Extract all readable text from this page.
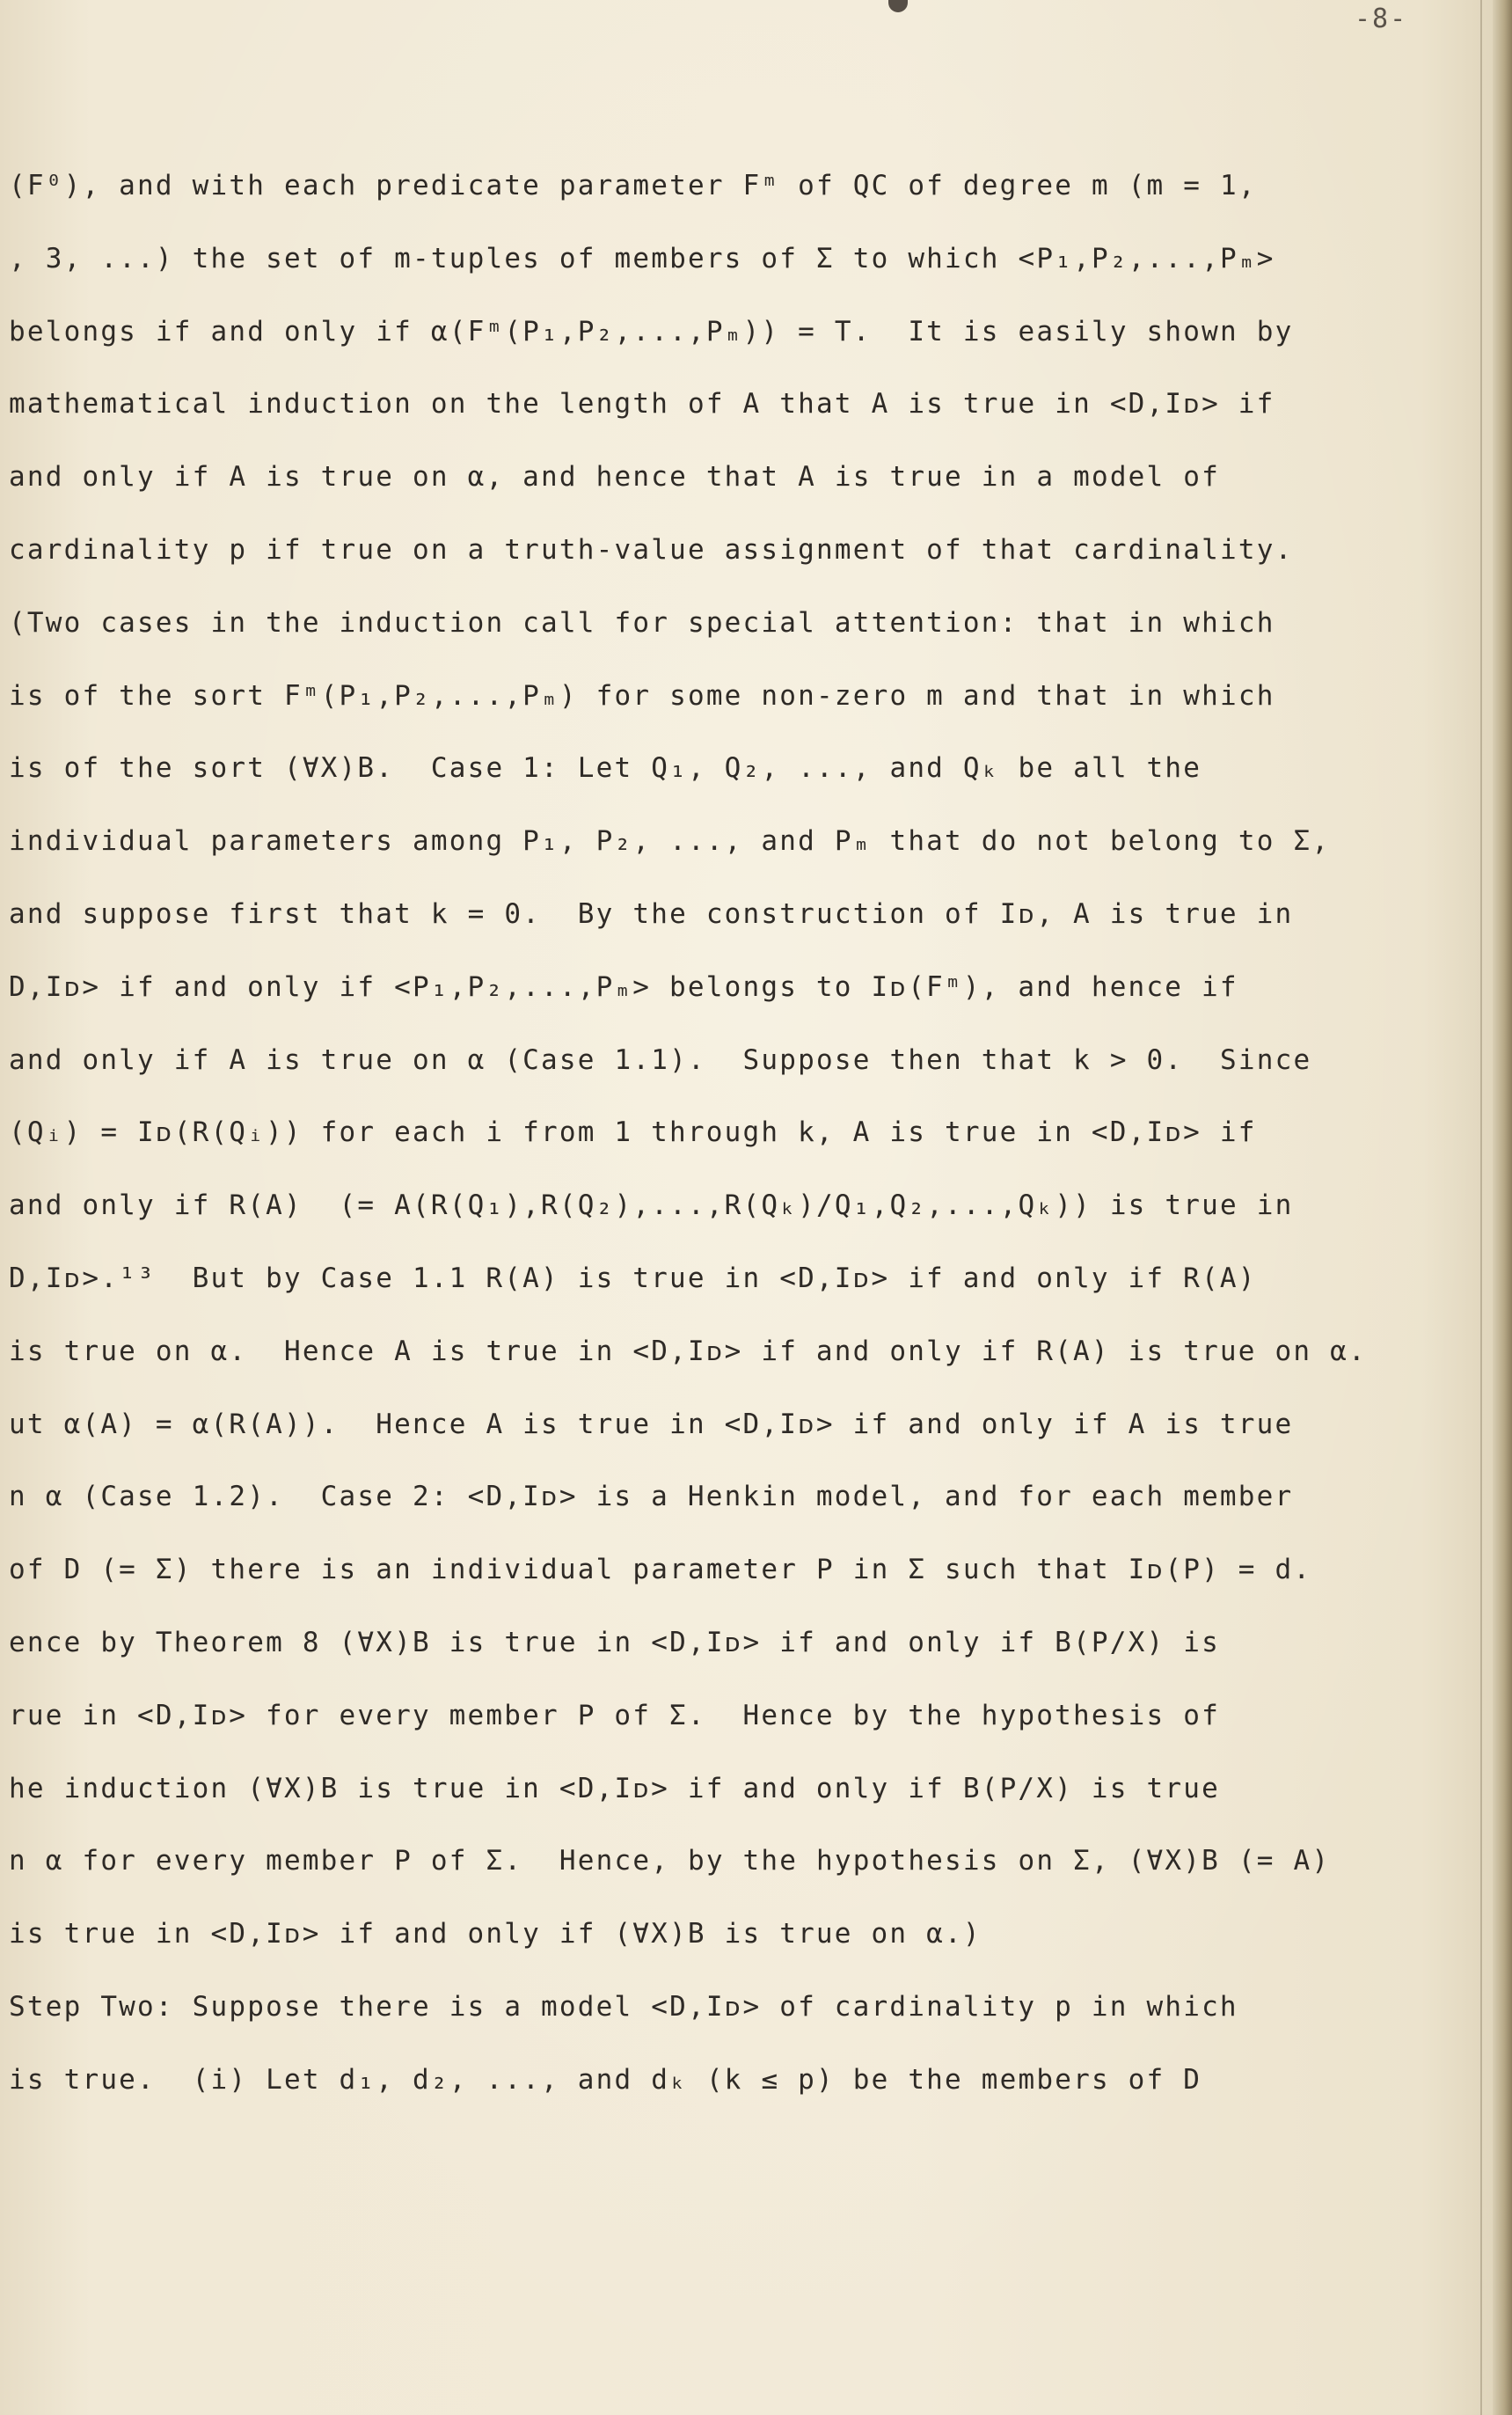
-8-
(F⁰), and with each predicate parameter Fᵐ of QC of degree m (m = 1,
, 3, ...) the set of m-tuples of members of Σ to which <P₁,P₂,...,Pₘ>
belongs if and only if α(Fᵐ(P₁,P₂,...,Pₘ)) = T.  It is easily shown by
mathematical induction on the length of A that A is true in <D,Iᴅ> if
and only if A is true on α, and hence that A is true in a model of
cardinality p if true on a truth-value assignment of that cardinality.
(Two cases in the induction call for special attention: that in which
is of the sort Fᵐ(P₁,P₂,...,Pₘ) for some non-zero m and that in which
is of the sort (∀X)B.  Case 1: Let Q₁, Q₂, ..., and Qₖ be all the
individual parameters among P₁, P₂, ..., and Pₘ that do not belong to Σ,
and suppose first that k = 0.  By the construction of Iᴅ, A is true in
D,Iᴅ> if and only if <P₁,P₂,...,Pₘ> belongs to Iᴅ(Fᵐ), and hence if
and only if A is true on α (Case 1.1).  Suppose then that k > 0.  Since
(Qᵢ) = Iᴅ(R(Qᵢ)) for each i from 1 through k, A is true in <D,Iᴅ> if
and only if R(A)  (= A(R(Q₁),R(Q₂),...,R(Qₖ)/Q₁,Q₂,...,Qₖ)) is true in
D,Iᴅ>.¹³  But by Case 1.1 R(A) is true in <D,Iᴅ> if and only if R(A)
is true on α.  Hence A is true in <D,Iᴅ> if and only if R(A) is true on α.
ut α(A) = α(R(A)).  Hence A is true in <D,Iᴅ> if and only if A is true
n α (Case 1.2).  Case 2: <D,Iᴅ> is a Henkin model, and for each member
of D (= Σ) there is an individual parameter P in Σ such that Iᴅ(P) = d.
ence by Theorem 8 (∀X)B is true in <D,Iᴅ> if and only if B(P/X) is
rue in <D,Iᴅ> for every member P of Σ.  Hence by the hypothesis of
he induction (∀X)B is true in <D,Iᴅ> if and only if B(P/X) is true
n α for every member P of Σ.  Hence, by the hypothesis on Σ, (∀X)B (= A)
is true in <D,Iᴅ> if and only if (∀X)B is true on α.)
Step Two: Suppose there is a model <D,Iᴅ> of cardinality p in which
is true.  (i) Let d₁, d₂, ..., and dₖ (k ≤ p) be the members of D
